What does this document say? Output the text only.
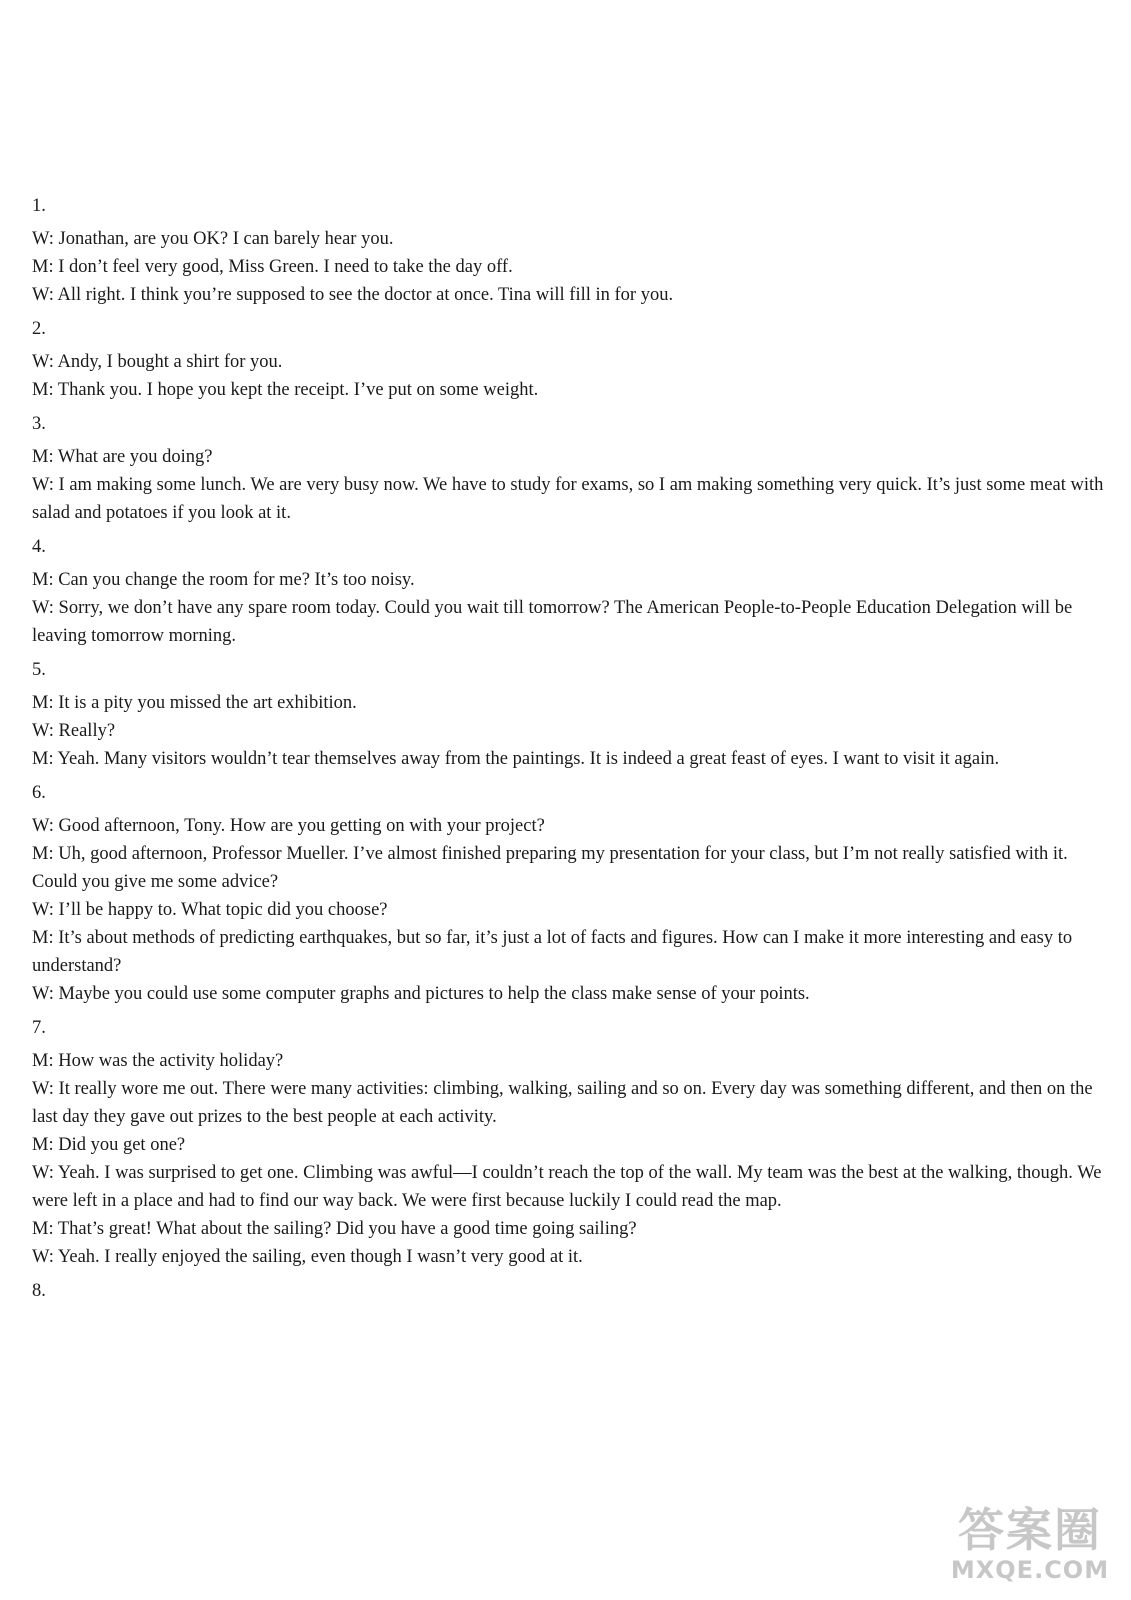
1.

W: Jonathan, are you OK? I can barely hear you.

M: I don’t feel very good, Miss Green. I need to take the day off.

W: All right. I think you’re supposed to see the doctor at once. Tina will fill in for you.

2.

W: Andy, I bought a shirt for you.

M: Thank you. I hope you kept the receipt. I’ve put on some weight.

3.

M: What are you doing?

W: I am making some lunch. We are very busy now. We have to study for exams, so I am making something very quick. It’s just some meat with salad and potatoes if you look at it.

4.

M: Can you change the room for me? It’s too noisy.

W: Sorry, we don’t have any spare room today. Could you wait till tomorrow? The American People-to-People Education Delegation will be leaving tomorrow morning.

5.

M: It is a pity you missed the art exhibition.

W: Really?

M: Yeah. Many visitors wouldn’t tear themselves away from the paintings. It is indeed a great feast of eyes. I want to visit it again.

6.

W: Good afternoon, Tony. How are you getting on with your project?

M: Uh, good afternoon, Professor Mueller. I’ve almost finished preparing my presentation for your class, but I’m not really satisfied with it. Could you give me some advice?

W: I’ll be happy to. What topic did you choose?

M: It’s about methods of predicting earthquakes, but so far, it’s just a lot of facts and figures. How can I make it more interesting and easy to understand?

W: Maybe you could use some computer graphs and pictures to help the class make sense of your points.

7.

M: How was the activity holiday?

W: It really wore me out. There were many activities: climbing, walking, sailing and so on. Every day was something different, and then on the last day they gave out prizes to the best people at each activity.

M: Did you get one?

W: Yeah. I was surprised to get one. Climbing was awful—I couldn’t reach the top of the wall. My team was the best at the walking, though. We were left in a place and had to find our way back. We were first because luckily I could read the map.

M: That’s great! What about the sailing? Did you have a good time going sailing?

W: Yeah. I really enjoyed the sailing, even though I wasn’t very good at it.

8.

答案圈
MXQE.COM
